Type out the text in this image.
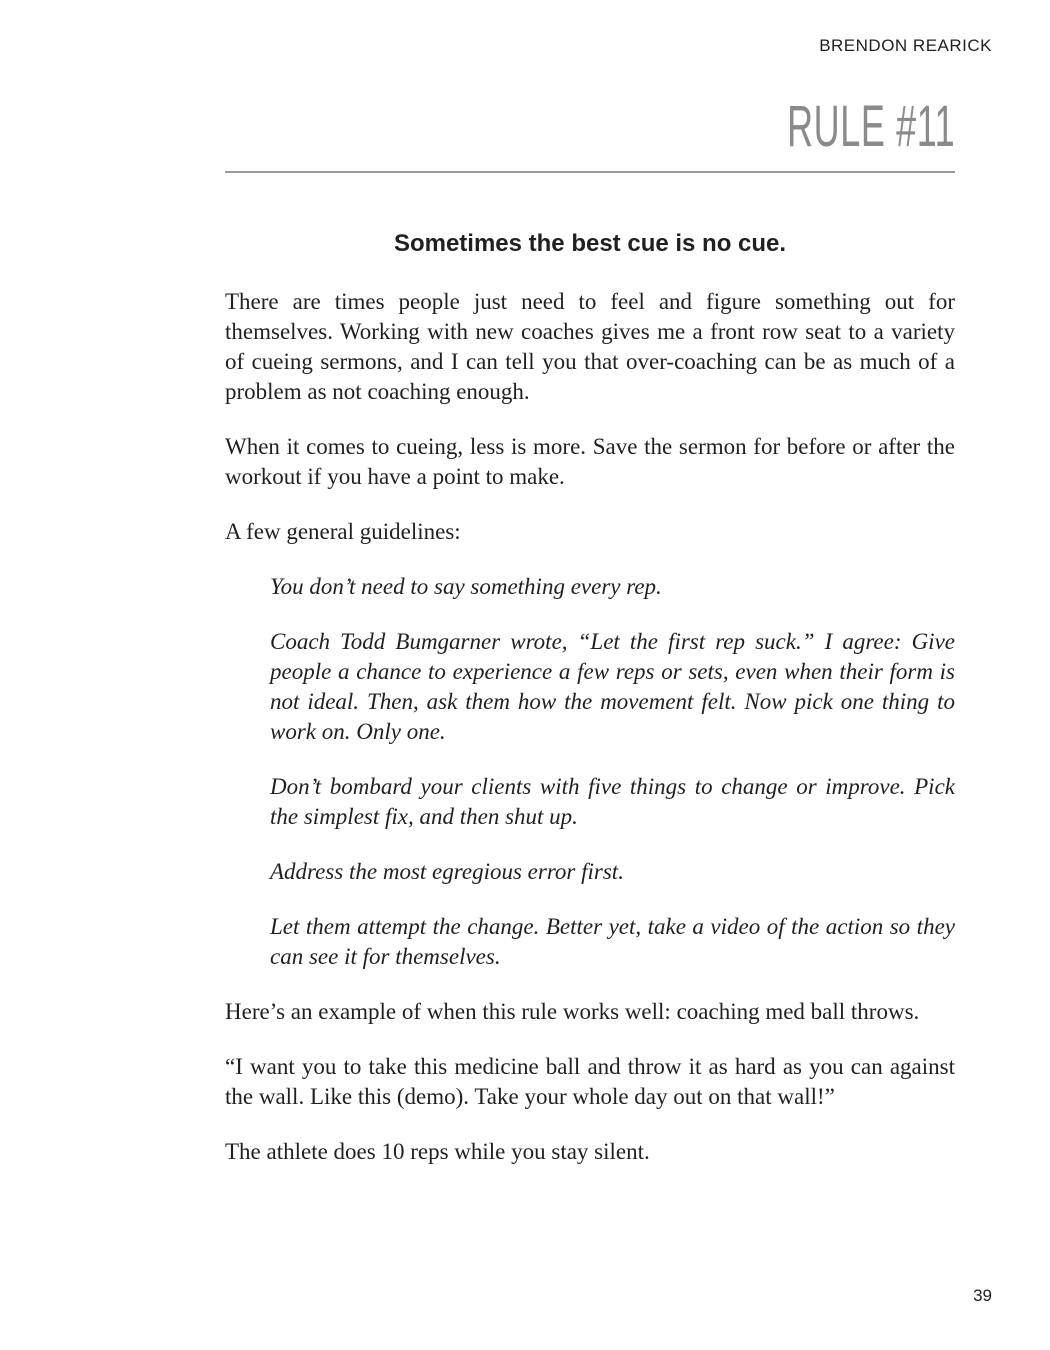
BRENDON REARICK
RULE #11
Sometimes the best cue is no cue.

There are times people just need to feel and figure something out for themselves. Working with new coaches gives me a front row seat to a variety of cueing sermons, and I can tell you that over-coaching can be as much of a problem as not coaching enough.

When it comes to cueing, less is more. Save the sermon for before or after the workout if you have a point to make.

A few general guidelines:

You don’t need to say something every rep.

Coach Todd Bumgarner wrote, “Let the first rep suck.” I agree: Give people a chance to experience a few reps or sets, even when their form is not ideal. Then, ask them how the movement felt. Now pick one thing to work on. Only one.

Don’t bombard your clients with five things to change or improve. Pick the simplest fix, and then shut up.

Address the most egregious error first.

Let them attempt the change. Better yet, take a video of the action so they can see it for themselves.

Here’s an example of when this rule works well: coaching med ball throws.

“I want you to take this medicine ball and throw it as hard as you can against the wall. Like this (demo). Take your whole day out on that wall!”

The athlete does 10 reps while you stay silent.

39
